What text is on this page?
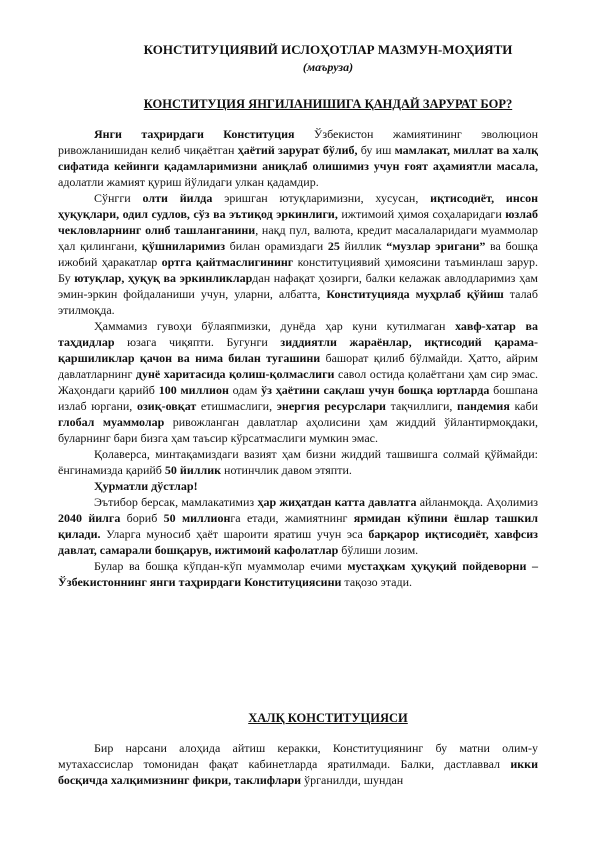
КОНСТИТУЦИЯВИЙ ИСЛОҲОТЛАР МАЗМУН-МОҲИЯТИ
(маъруза)
КОНСТИТУЦИЯ ЯНГИЛАНИШИГА ҚАНДАЙ ЗАРУРАТ БОР?

Янги таҳрирдаги Конституция Ўзбекистон жамиятининг эволюцион ривожланишидан келиб чиқаётган ҳаётий зарурат бўлиб, бу иш мамлакат, миллат ва халқ сифатида кейинги қадамларимизни аниқлаб олишимиз учун ғоят аҳамиятли масала, адолатли жамият қуриш йўлидаги улкан қадамдир.

Сўнгги олти йилда эришган ютуқларимизни, хусусан, иқтисодиёт, инсон ҳуқуқлари, одил судлов, сўз ва эътиқод эркинлиги, ижтимоий ҳимоя соҳаларидаги юзлаб чекловларнинг олиб ташланганини, нақд пул, валюта, кредит масалаларидаги муаммолар ҳал қилингани, қўшниларимиз билан орамиздаги 25 йиллик “музлар эригани” ва бошқа ижобий ҳаракатлар ортга қайтмаслигининг конституциявий ҳимоясини таъминлаш зарур. Бу ютуқлар, ҳуқуқ ва эркинликлардан нафақат ҳозирги, балки келажак авлодларимиз ҳам эмин-эркин фойдаланиши учун, уларни, албатта, Конституцияда муҳрлаб қўйиш талаб этилмоқда.

Ҳаммамиз гувоҳи бўлаяпмизки, дунёда ҳар куни кутилмаган хавф-хатар ва таҳдидлар юзага чиқяпти. Бугунги зиддиятли жараёнлар, иқтисодий қарама-қаршиликлар қачон ва нима билан тугашини башорат қилиб бўлмайди. Ҳатто, айрим давлатларнинг дунё харитасида қолиш-қолмаслиги савол остида қолаётгани ҳам сир эмас. Жаҳондаги қарийб 100 миллион одам ўз ҳаётини сақлаш учун бошқа юртларда бошпана излаб юргани, озиқ-овқат етишмаслиги, энергия ресурслари тақчиллиги, пандемия каби глобал муаммолар ривожланган давлатлар аҳолисини ҳам жиддий ўйлантирмоқдаки, буларнинг бари бизга ҳам таъсир кўрсатмаслиги мумкин эмас.

Қолаверса, минтақамиздаги вазият ҳам бизни жиддий ташвишга солмай қўймайди: ёнгинамизда қарийб 50 йиллик нотинчлик давом этяпти.

Ҳурматли дўстлар!

Эътибор берсак, мамлакатимиз ҳар жиҳатдан катта давлатга айланмоқда. Аҳолимиз 2040 йилга бориб 50 миллионга етади, жамиятнинг ярмидан кўпини ёшлар ташкил қилади. Уларга муносиб ҳаёт шароити яратиш учун эса барқарор иқтисодиёт, хавфсиз давлат, самарали бошқарув, ижтимоий кафолатлар бўлиши лозим.

Булар ва бошқа кўпдан-кўп муаммолар ечими мустаҳкам ҳуқуқий пойдеворни – Ўзбекистоннинг янги таҳрирдаги Конституциясини тақозо этади.

ХАЛҚ КОНСТИТУЦИЯСИ

Бир нарсани алоҳида айтиш керакки, Конституциянинг бу матни олим-у мутахассислар томонидан фақат кабинетларда яратилмади. Балки, дастлаввал икки босқичда халқимизнинг фикри, таклифлари ўрганилди, шундан
